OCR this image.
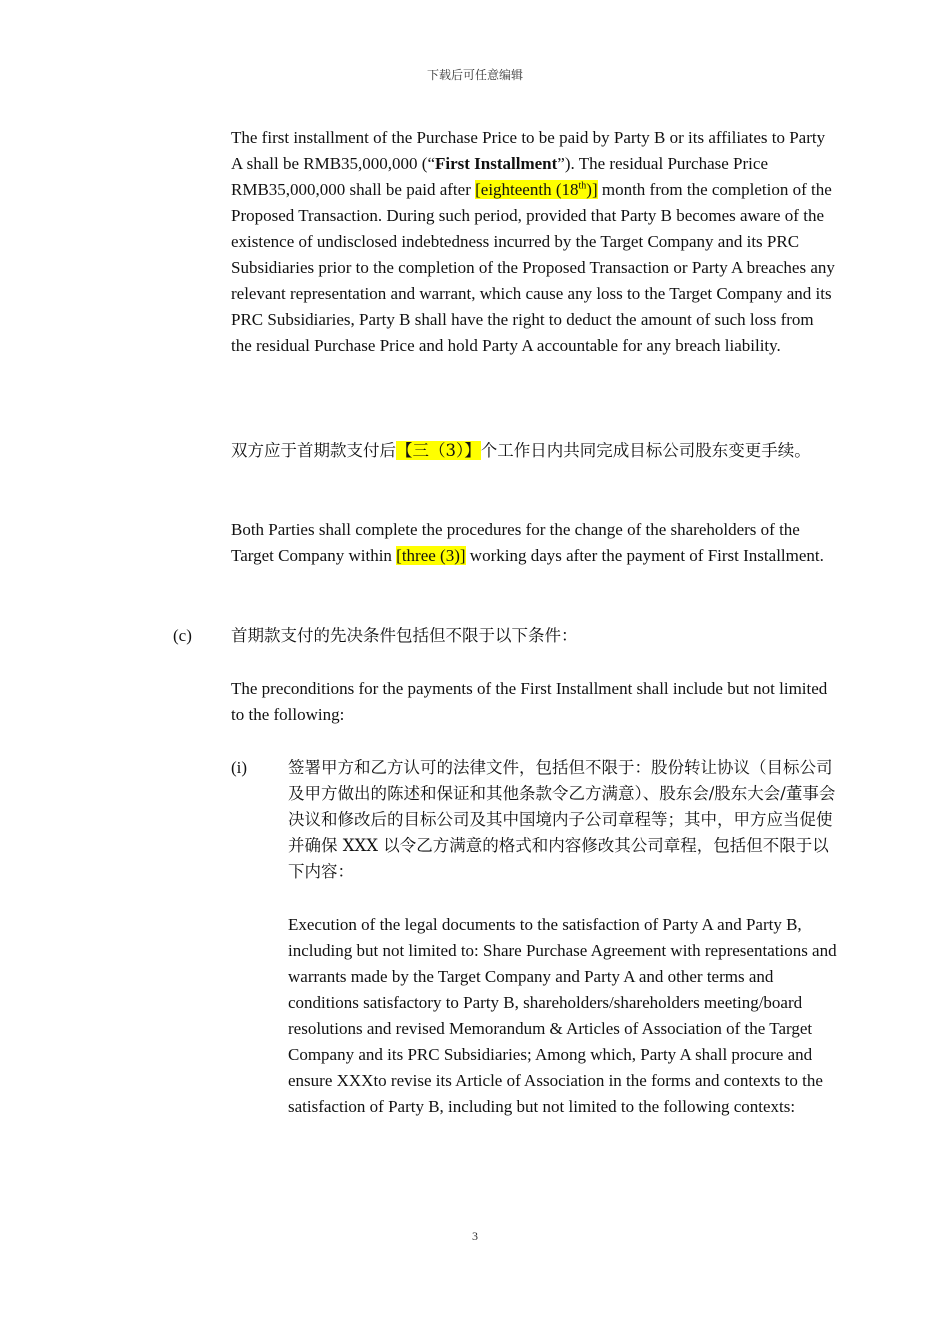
下载后可任意编辑

The first installment of the Purchase Price to be paid by Party B or its affiliates to Party A shall be RMB35,000,000 (“First Installment”). The residual Purchase Price RMB35,000,000 shall be paid after [eighteenth (18th)] month from the completion of the Proposed Transaction. During such period, provided that Party B becomes aware of the existence of undisclosed indebtedness incurred by the Target Company and its PRC Subsidiaries prior to the completion of the Proposed Transaction or Party A breaches any relevant representation and warrant, which cause any loss to the Target Company and its PRC Subsidiaries, Party B shall have the right to deduct the amount of such loss from the residual Purchase Price and hold Party A accountable for any breach liability.

双方应于首期款支付后【三（3）】个工作日内共同完成目标公司股东变更手续。

Both Parties shall complete the procedures for the change of the shareholders of the Target Company within [three (3)] working days after the payment of First Installment.

(c) 首期款支付的先决条件包括但不限于以下条件：

The preconditions for the payments of the First Installment shall include but not limited to the following:

(i) 签署甲方和乙方认可的法律文件，包括但不限于：股份转让协议（目标公司及甲方做出的陈述和保证和其他条款令乙方满意）、股东会/股东大会/董事会决议和修改后的目标公司及其中国境内子公司章程等；其中，甲方应当促使并确保 XXX 以令乙方满意的格式和内容修改其公司章程，包括但不限于以下内容：

Execution of the legal documents to the satisfaction of Party A and Party B, including but not limited to: Share Purchase Agreement with representations and warrants made by the Target Company and Party A and other terms and conditions satisfactory to Party B, shareholders/shareholders meeting/board resolutions and revised Memorandum & Articles of Association of the Target Company and its PRC Subsidiaries; Among which, Party A shall procure and ensure XXXto revise its Article of Association in the forms and contexts to the satisfaction of Party B, including but not limited to the following contexts:

3
